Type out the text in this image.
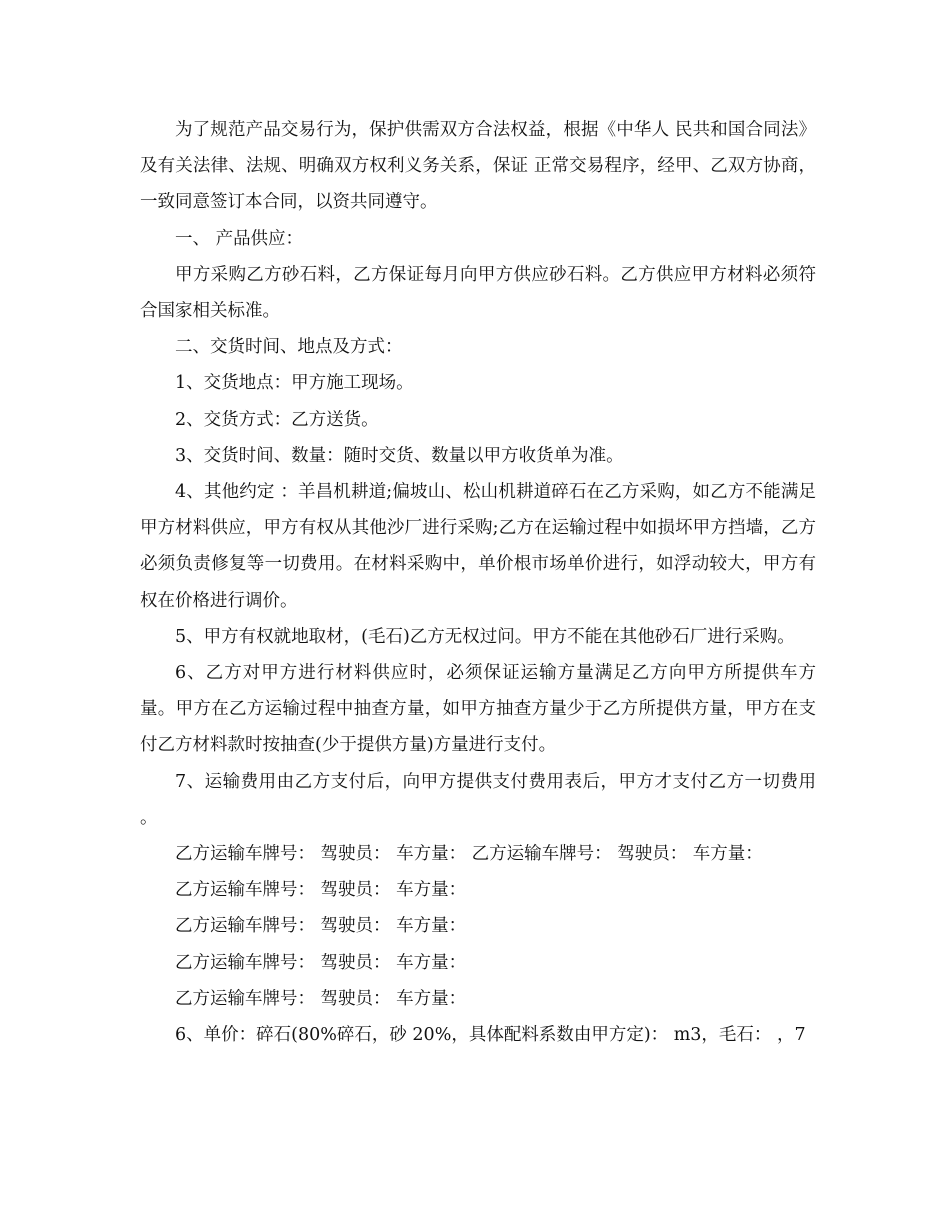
为了规范产品交易行为，保护供需双方合法权益，根据《中华人 民共和国合同法》及有关法律、法规、明确双方权利义务关系，保证 正常交易程序，经甲、乙双方协商，一致同意签订本合同，以资共同遵守。

一、 产品供应：

甲方采购乙方砂石料，乙方保证每月向甲方供应砂石料。乙方供应甲方材料必须符合国家相关标准。

二、交货时间、地点及方式：

1、交货地点：甲方施工现场。

2、交货方式：乙方送货。

3、交货时间、数量：随时交货、数量以甲方收货单为准。

4、其他约定 ：羊昌机耕道;偏坡山、松山机耕道碎石在乙方采购，如乙方不能满足甲方材料供应，甲方有权从其他沙厂进行采购;乙方在运输过程中如损坏甲方挡墙，乙方必须负责修复等一切费用。在材料采购中，单价根市场单价进行，如浮动较大，甲方有权在价格进行调价。

5、甲方有权就地取材，(毛石)乙方无权过问。甲方不能在其他砂石厂进行采购。

6、乙方对甲方进行材料供应时，必须保证运输方量满足乙方向甲方所提供车方量。甲方在乙方运输过程中抽查方量，如甲方抽查方量少于乙方所提供方量，甲方在支付乙方材料款时按抽查(少于提供方量)方量进行支付。

7、运输费用由乙方支付后，向甲方提供支付费用表后，甲方才支付乙方一切费用 。

乙方运输车牌号： 驾驶员： 车方量： 乙方运输车牌号： 驾驶员： 车方量：

乙方运输车牌号： 驾驶员： 车方量：

乙方运输车牌号： 驾驶员： 车方量：

乙方运输车牌号： 驾驶员： 车方量：

乙方运输车牌号： 驾驶员： 车方量：

6、单价：碎石(80%碎石，砂 20%，具体配料系数由甲方定)： m3，毛石： ，7
